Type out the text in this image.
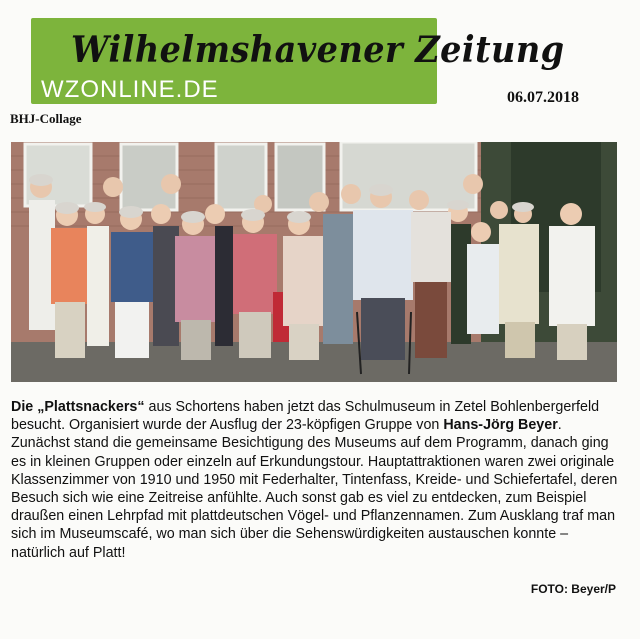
Wilhelmshavener Zeitung
WZONLINE.DE	06.07.2018
BHJ-Collage
Die „Plattsnackers“ aus Schortens haben jetzt das Schulmuseum in Zetel Bohlenbergerfeld besucht. Organisiert wurde der Ausflug der 23-köpfigen Gruppe von Hans-Jörg Beyer. Zunächst stand die gemeinsame Besichtigung des Museums auf dem Programm, danach ging es in kleinen Gruppen oder einzeln auf Erkundungstour. Hauptattraktionen waren zwei originale Klassenzimmer von 1910 und 1950 mit Federhalter, Tintenfass, Kreide- und Schiefertafel, deren Besuch sich wie eine Zeitreise anfühlte. Auch sonst gab es viel zu entdecken, zum Beispiel draußen einen Lehrpfad mit plattdeutschen Vögel- und Pflanzennamen. Zum Ausklang traf man sich im Museumscafé, wo man sich über die Sehenswürdigkeiten austauschen konnte – natürlich auf Platt!
FOTO: Beyer/P
